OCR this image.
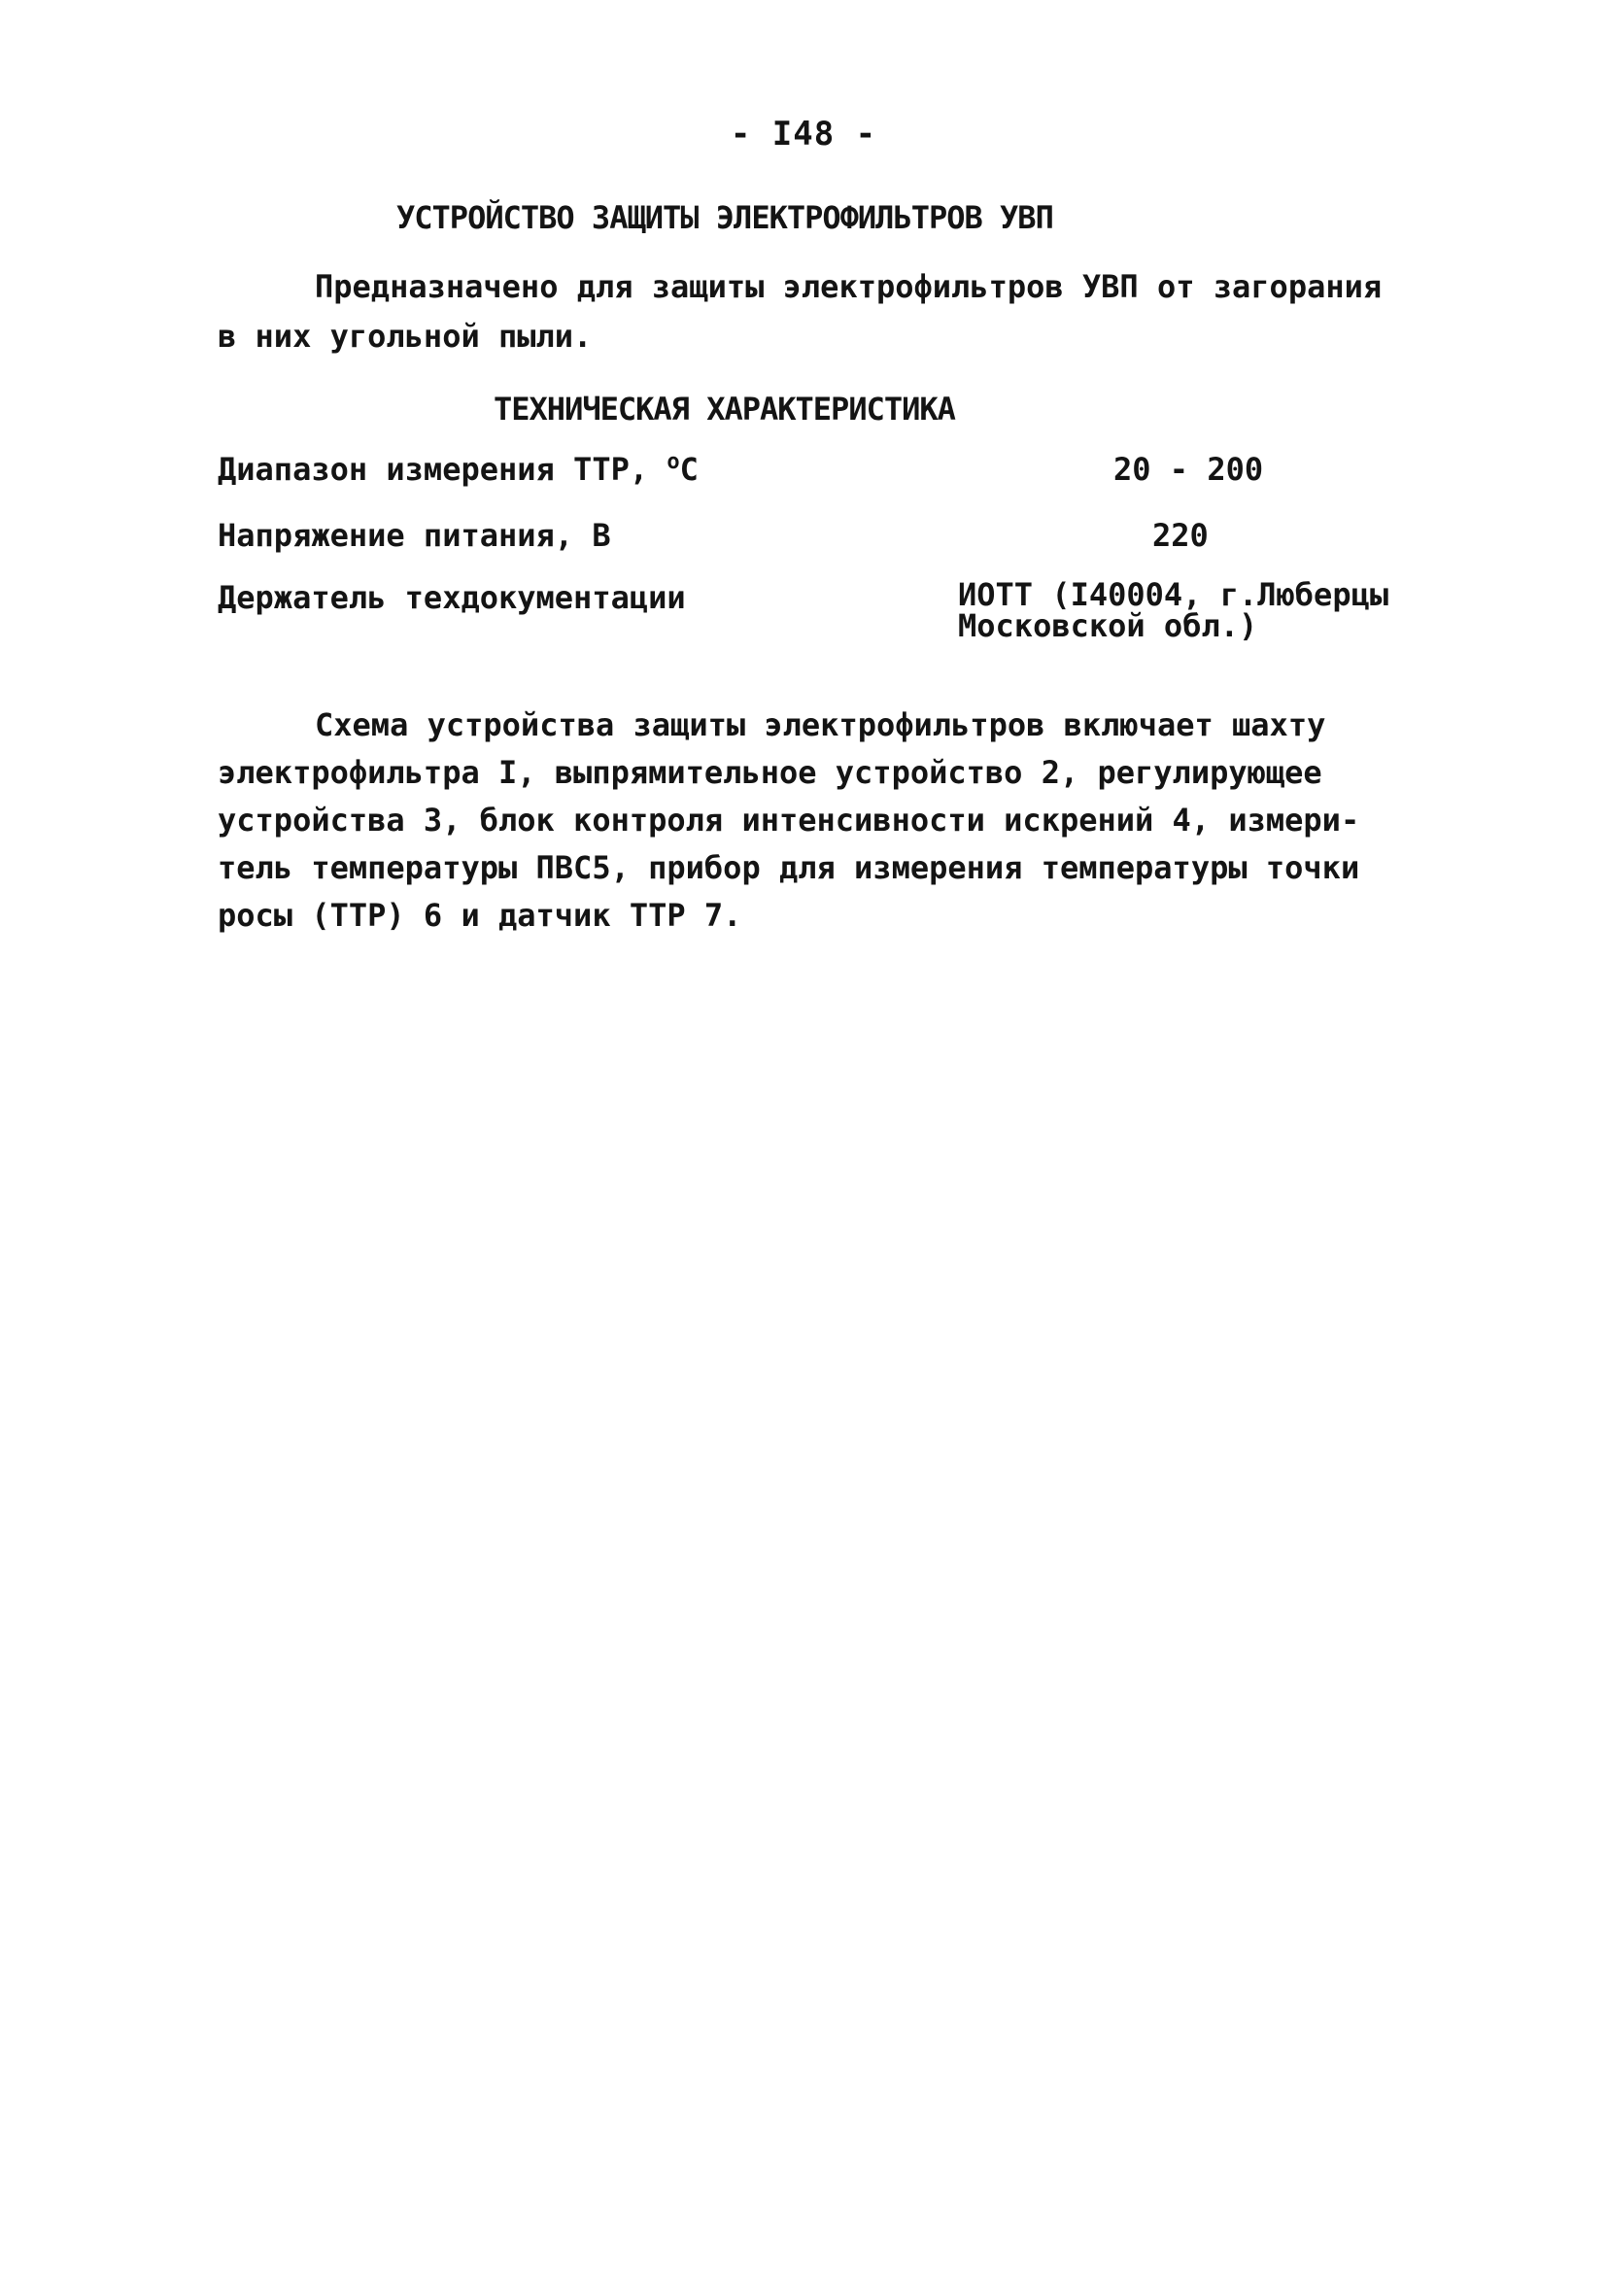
- I48 -
УСТРОЙСТВО ЗАЩИТЫ ЭЛЕКТРОФИЛЬТРОВ УВП
Предназначено для защиты электрофильтров УВП от загорания
в них угольной пыли.
ТЕХНИЧЕСКАЯ ХАРАКТЕРИСТИКА
Диапазон измерения ТТР, $^o$C	20 - 200
Напряжение питания, В	220
Держатель техдокументации	ИОТТ (I40004, г.Люберцы
Московской обл.)
Схема устройства защиты электрофильтров включает шахту
электрофильтра I, выпрямительное устройство 2, регулирующее
устройства 3, блок контроля интенсивности искрений 4, измери-
тель температуры ПВС5, прибор для измерения температуры точки
росы (ТТР) 6 и датчик ТТР 7.
